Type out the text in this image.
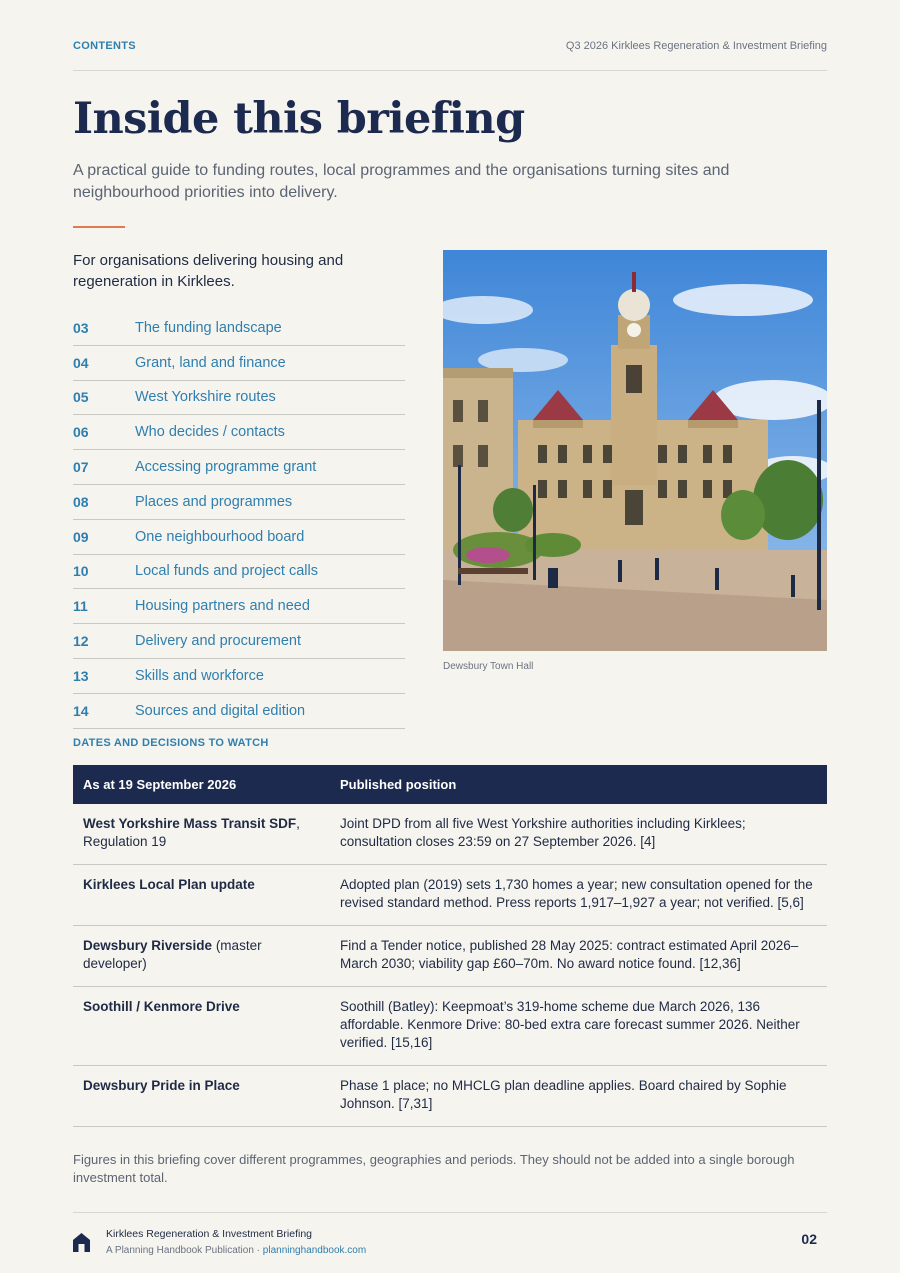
CONTENTS	Q3 2026 Kirklees Regeneration & Investment Briefing
Inside this briefing

A practical guide to funding routes, local programmes and the organisations turning sites and neighbourhood priorities into delivery.

For organisations delivering housing and regeneration in Kirklees.

03	The funding landscape
04	Grant, land and finance
05	West Yorkshire routes
06	Who decides / contacts
07	Accessing programme grant
08	Places and programmes
09	One neighbourhood board
10	Local funds and project calls
11	Housing partners and need
12	Delivery and procurement
13	Skills and workforce
14	Sources and digital edition
Dewsbury Town Hall
DATES AND DECISIONS TO WATCH
As at 19 September 2026	Published position
West Yorkshire Mass Transit SDF, Regulation 19	Joint DPD from all five West Yorkshire authorities including Kirklees; consultation closes 23:59 on 27 September 2026. [4]
Kirklees Local Plan update	Adopted plan (2019) sets 1,730 homes a year; new consultation opened for the revised standard method. Press reports 1,917–1,927 a year; not verified. [5,6]
Dewsbury Riverside (master developer)	Find a Tender notice, published 28 May 2025: contract estimated April 2026–March 2030; viability gap £60–70m. No award notice found. [12,36]
Soothill / Kenmore Drive	Soothill (Batley): Keepmoat’s 319-home scheme due March 2026, 136 affordable. Kenmore Drive: 80-bed extra care forecast summer 2026. Neither verified. [15,16]
Dewsbury Pride in Place	Phase 1 place; no MHCLG plan deadline applies. Board chaired by Sophie Johnson. [7,31]

Figures in this briefing cover different programmes, geographies and periods. They should not be added into a single borough investment total.

Kirklees Regeneration & Investment Briefing
A Planning Handbook Publication · planninghandbook.com
02
